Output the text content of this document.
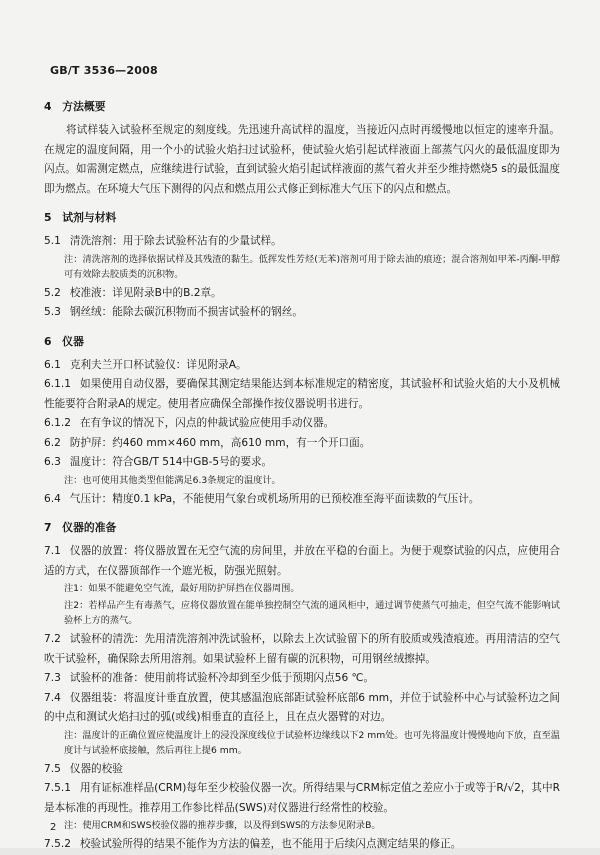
GB/T 3536—2008
4　方法概要

将试样装入试验杯至规定的刻度线。先迅速升高试样的温度，当接近闪点时再缓慢地以恒定的速率升温。在规定的温度间隔，用一个小的试验火焰扫过试验杯，使试验火焰引起试样液面上部蒸气闪火的最低温度即为闪点。如需测定燃点，应继续进行试验，直到试验火焰引起试样液面的蒸气着火并至少维持燃烧5 s的最低温度即为燃点。在环境大气压下测得的闪点和燃点用公式修正到标准大气压下的闪点和燃点。

5　试剂与材料

5.1 清洗溶剂：用于除去试验杯沾有的少量试样。

注：清洗溶剂的选择依据试样及其残渣的黏生。低挥发性芳烃(无苯)溶剂可用于除去油的痕迹；混合溶剂如甲苯-丙酮-甲醇可有效除去胶质类的沉积物。

5.2 校准液：详见附录B中的B.2章。

5.3 钢丝绒：能除去碳沉积物而不损害试验杯的钢丝。

6　仪器

6.1 克利夫兰开口杯试验仪：详见附录A。

6.1.1 如果使用自动仪器，要确保其测定结果能达到本标准规定的精密度，其试验杯和试验火焰的大小及机械性能要符合附录A的规定。使用者应确保全部操作按仪器说明书进行。

6.1.2 在有争议的情况下，闪点的仲裁试验应使用手动仪器。

6.2 防护屏：约460 mm×460 mm，高610 mm，有一个开口面。

6.3 温度计：符合GB/T 514中GB-5号的要求。

注：也可使用其他类型但能满足6.3条规定的温度计。

6.4 气压计：精度0.1 kPa，不能使用气象台或机场所用的已预校准至海平面读数的气压计。

7　仪器的准备

7.1 仪器的放置：将仪器放置在无空气流的房间里，并放在平稳的台面上。为便于观察试验的闪点，应使用合适的方式，在仪器顶部作一个遮光板，防强光照射。

注1：如果不能避免空气流，最好用防护屏挡在仪器周围。

注2：若样品产生有毒蒸气，应将仪器放置在能单独控制空气流的通风柜中，通过调节使蒸气可抽走，但空气流不能影响试验杯上方的蒸气。

7.2 试验杯的清洗：先用清洗溶剂冲洗试验杯，以除去上次试验留下的所有胶质或残渣痕迹。再用清洁的空气吹干试验杯，确保除去所用溶剂。如果试验杯上留有碳的沉积物，可用钢丝绒擦掉。

7.3 试验杯的准备：使用前将试验杯冷却到至少低于预期闪点56 ℃。

7.4 仪器组装：将温度计垂直放置，使其感温泡底部距试验杯底部6 mm，并位于试验杯中心与试验杯边之间的中点和测试火焰扫过的弧(或线)相垂直的直径上，且在点火器臂的对边。

注：温度计的正确位置应使温度计上的浸没深度线位于试验杯边缘线以下2 mm处。也可先将温度计慢慢地向下放，直至温度计与试验杯底接触，然后再往上提6 mm。

7.5 仪器的校验

7.5.1 用有证标准样品(CRM)每年至少校验仪器一次。所得结果与CRM标定值之差应小于或等于R/√2，其中R是本标准的再现性。推荐用工作参比样品(SWS)对仪器进行经常性的校验。

注：使用CRM和SWS校验仪器的推荐步骤，以及得到SWS的方法参见附录B。

7.5.2 校验试验所得的结果不能作为方法的偏差，也不能用于后续闪点测定结果的修正。

2
